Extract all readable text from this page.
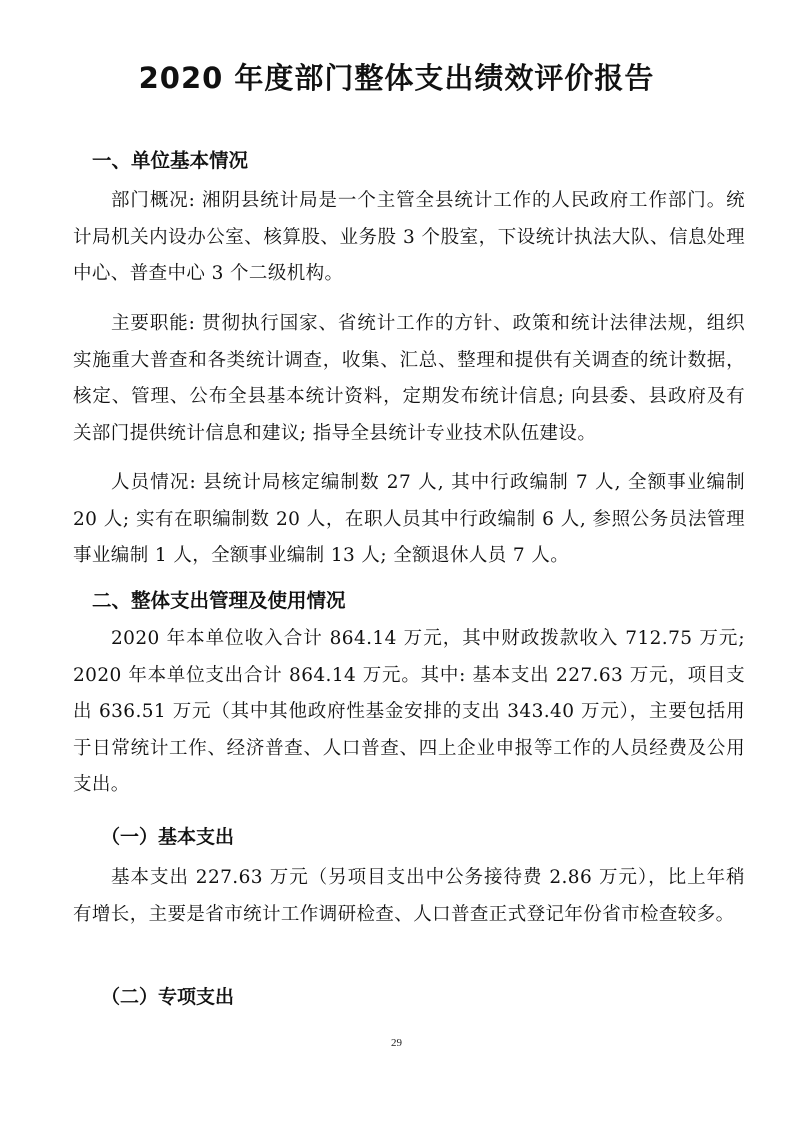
2020 年度部门整体支出绩效评价报告
一、单位基本情况

部门概况: 湘阴县统计局是一个主管全县统计工作的人民政府工作部门。统计局机关内设办公室、核算股、业务股 3 个股室，下设统计执法大队、信息处理中心、普查中心 3 个二级机构。

主要职能: 贯彻执行国家、省统计工作的方针、政策和统计法律法规，组织实施重大普查和各类统计调查，收集、汇总、整理和提供有关调查的统计数据，核定、管理、公布全县基本统计资料，定期发布统计信息; 向县委、县政府及有关部门提供统计信息和建议; 指导全县统计专业技术队伍建设。

人员情况: 县统计局核定编制数 27 人, 其中行政编制 7 人, 全额事业编制 20 人; 实有在职编制数 20 人，在职人员其中行政编制 6 人, 参照公务员法管理事业编制 1 人，全额事业编制 13 人; 全额退休人员 7 人。

二、整体支出管理及使用情况

2020 年本单位收入合计 864.14 万元，其中财政拨款收入 712.75 万元; 2020 年本单位支出合计 864.14 万元。其中: 基本支出 227.63 万元，项目支出 636.51 万元（其中其他政府性基金安排的支出 343.40 万元），主要包括用于日常统计工作、经济普查、人口普查、四上企业申报等工作的人员经费及公用支出。

（一）基本支出

基本支出 227.63 万元（另项目支出中公务接待费 2.86 万元），比上年稍有增长，主要是省市统计工作调研检查、人口普查正式登记年份省市检查较多。

（二）专项支出
29
